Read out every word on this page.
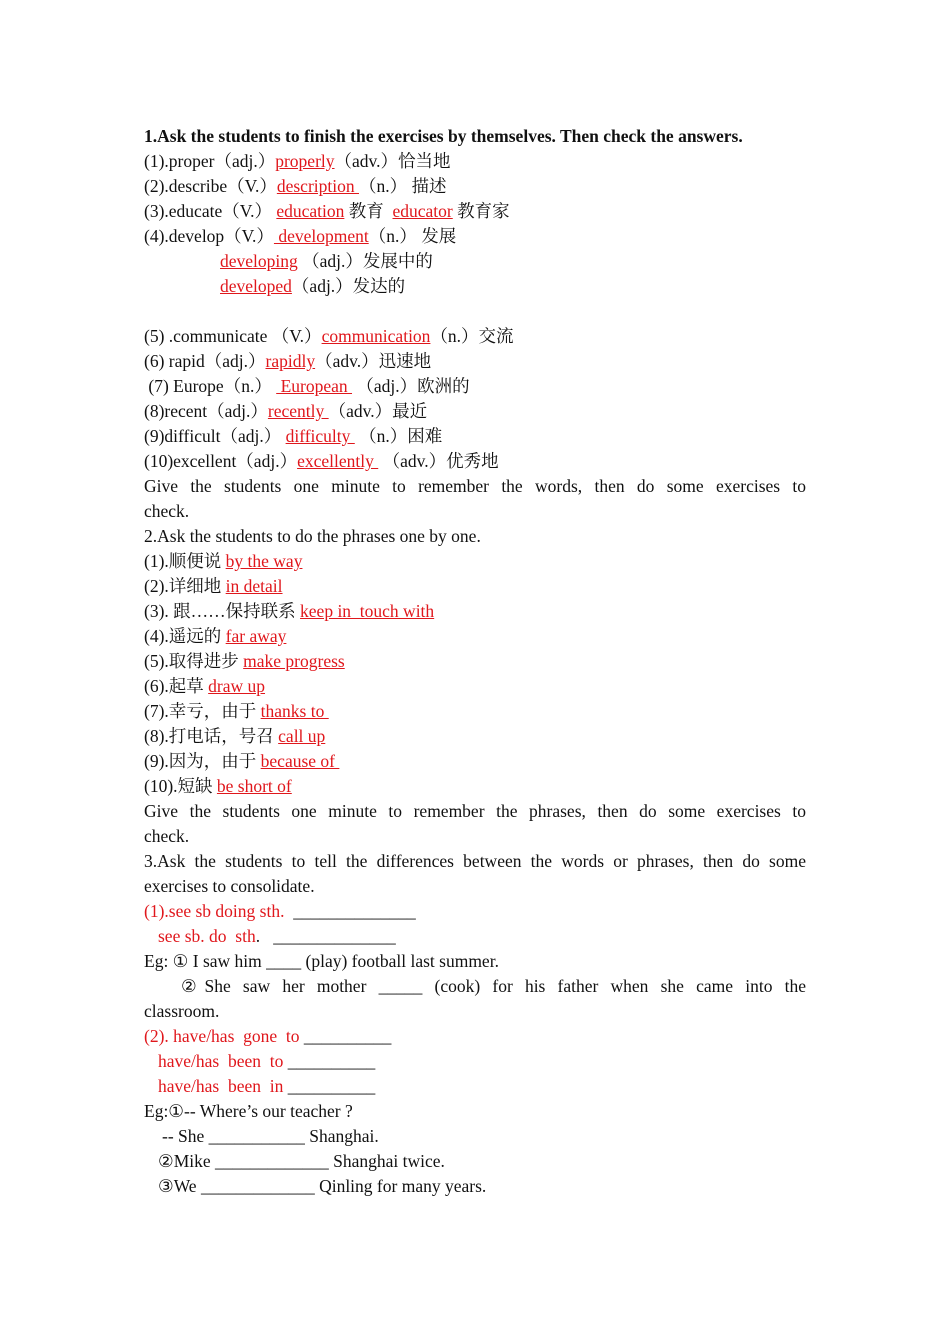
1.Ask the students to finish the exercises by themselves. Then check the answers.
(1).proper（adj.）properly（adv.）恰当地
(2).describe（V.）description （n.） 描述
(3).educate（V.） education 教育  educator 教育家
(4).develop（V.） development（n.） 发展
developing （adj.）发展中的
developed（adj.）发达的
(5) .communicate （V.）communication（n.）交流
(6) rapid（adj.）rapidly（adv.）迅速地
(7) Europe（n.）  European  （adj.）欧洲的
(8)recent（adj.）recently （adv.）最近
(9)difficult（adj.） difficulty  （n.）困难
(10)excellent（adj.）excellently  （adv.）优秀地
Give the students one minute to remember the words, then do some exercises to
check.
2.Ask the students to do the phrases one by one.
(1).顺便说 by the way
(2).详细地 in detail
(3). 跟……保持联系 keep in  touch with
(4).遥远的 far away
(5).取得进步 make progress
(6).起草 draw up
(7).幸亏，由于 thanks to
(8).打电话，号召 call up
(9).因为，由于 because of
(10).短缺 be short of
Give the students one minute to remember the phrases, then do some exercises to
check.
3.Ask the students to tell the differences between the words or phrases, then do some
exercises to consolidate.
(1).see sb doing sth.  ______________
see sb. do  sth.   ______________
Eg: ① I saw him ____ (play) football last summer.
②She saw her mother _____ (cook) for his father when she came into the
classroom.
(2). have/has  gone  to __________
have/has  been  to __________
have/has  been  in __________
Eg:①-- Where’s our teacher ?
-- She ___________ Shanghai.
②Mike _____________ Shanghai twice.
③We _____________ Qinling for many years.
